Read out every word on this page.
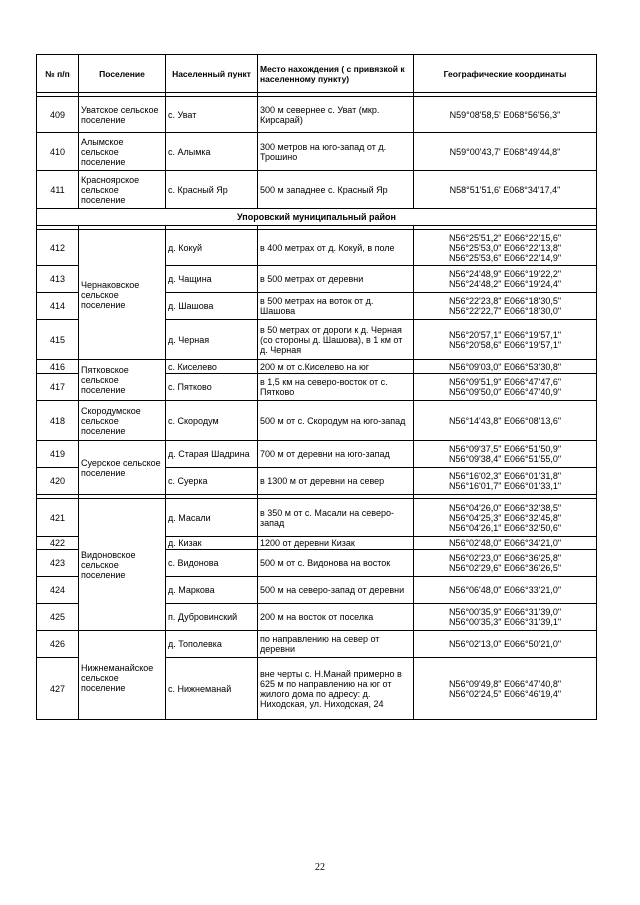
№ п/п	Поселение	Населенный пункт	Место нахождения ( с привязкой к населенному пункту)	Географические координаты

409	Уватское сельское поселение	с. Уват	300 м севернее с. Уват (мкр. Кирсарай)	N59°08'58,5' E068°56'56,3"
410	Алымское сельское поселение	с. Алымка	300 метров на юго-запад от д. Трошино	N59°00'43,7' E068°49'44,8"
411	Красноярское сельское поселение	с. Красный Яр	500 м западнее с. Красный Яр	N58°51'51,6' E068°34'17,4"
Упоровский муниципальный район				

412	Чернаковское сельское поселение	д. Кокуй	в 400 метрах от д. Кокуй, в поле	N56°25'51,2" E066°22'15,6"
N56°25'53,0" E066°22'13,8"
N56°25'53,6" E066°22'14,9"
413		д. Чащина	в 500 метрах от деревни	N56°24'48,9" E066°19'22,2"
N56°24'48,2" E066°19'24,4"
414		д. Шашова	в 500 метрах на воток от д. Шашова	N56°22'23,8" E066°18'30,5"
N56°22'22,7" E066°18'30,0"
415		д. Черная	в 50 метрах от дороги к д. Черная (со стороны д. Шашова), в 1 км от д. Черная	N56°20'57,1" E066°19'57,1"
N56°20'58,6" E066°19'57,1"
416	Пятковское сельское поселение	с. Киселево	200 м от с.Киселево на юг	N56°09'03,0" E066°53'30,8"
417		с. Пятково	в 1,5 км на северо-восток от с. Пятково	N56°09'51,9" E066°47'47,6"
N56°09'50,0" E066°47'40,9"
418	Скородумское сельское поселение	с. Скородум	500 м от с. Скородум на юго-запад	N56°14'43,8" E066°08'13,6"
419	Суерское сельское поселение	д. Старая Шадрина	700 м от деревни на юго-запад	N56°09'37,5" E066°51'50,9"
N56°09'38,4" E066°51'55,0"
420		с. Суерка	в 1300 м от деревни на север	N56°16'02,3" E066°01'31,8"
N56°16'01,7" E066°01'33,1"

421	Видоновское сельское поселение	д. Масали	в 350 м от с. Масали на северо-запад	N56°04'26,0" E066°32'38,5"
N56°04'25,3" E066°32'45,8"
N56°04'26,1" E066°32'50,6"
422		д. Кизак	1200 от деревни Кизак	N56°02'48,0" E066°34'21,0"
423		с. Видонова	500 м от с. Видонова на восток	N56°02'23,0" E066°36'25,8"
N56°02'29,6" E066°36'26,5"
424		д. Маркова	500 м на северо-запад от деревни	N56°06'48,0" E066°33'21,0"
425		п. Дубровинский	200 м на восток от поселка	N56°00'35,9" E066°31'39,0"
N56°00'35,3" E066°31'39,1"
426	Нижнеманайское сельское поселение	д. Тополевка	по направлению на север от деревни	N56°02'13,0" E066°50'21,0"
427		с. Нижнеманай	вне черты с. Н.Манай примерно в 625 м по направлению на юг от жилого дома по адресу: д. Ниходская, ул. Ниходская, 24	N56°09'49,8" E066°47'40,8"
N56°02'24,5" E066°46'19,4"
22
